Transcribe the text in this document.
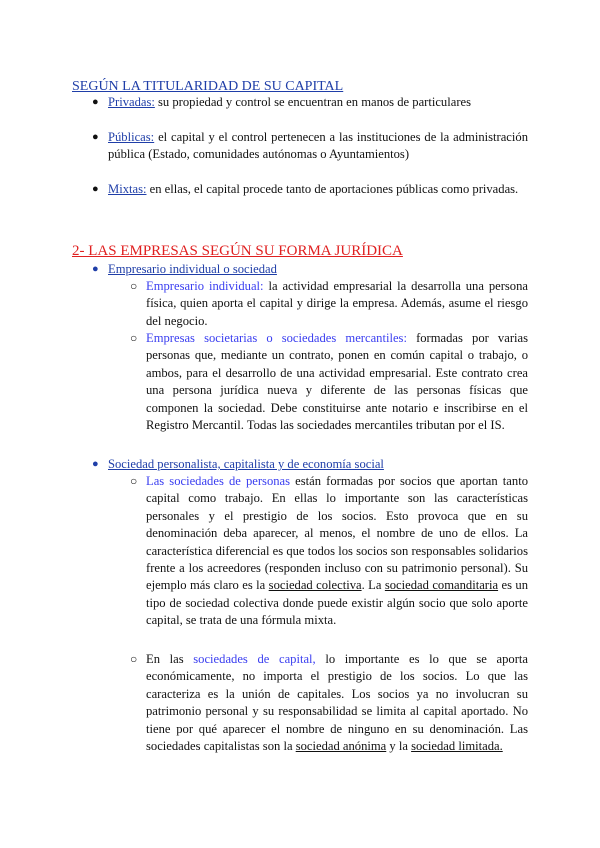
SEGÚN LA TITULARIDAD DE SU CAPITAL
● Privadas: su propiedad y control se encuentran en manos de particulares
● Públicas: el capital y el control pertenecen a las instituciones de la administración pública (Estado, comunidades autónomas o Ayuntamientos)
● Mixtas: en ellas, el capital procede tanto de aportaciones públicas como privadas.
2- LAS EMPRESAS SEGÚN SU FORMA JURÍDICA
● Empresario individual o sociedad
○ Empresario individual: la actividad empresarial la desarrolla una persona física, quien aporta el capital y dirige la empresa. Además, asume el riesgo del negocio.
○ Empresas societarias o sociedades mercantiles: formadas por varias personas que, mediante un contrato, ponen en común capital o trabajo, o ambos, para el desarrollo de una actividad empresarial. Este contrato crea una persona jurídica nueva y diferente de las personas físicas que componen la sociedad. Debe constituirse ante notario e inscribirse en el Registro Mercantil. Todas las sociedades mercantiles tributan por el IS.
● Sociedad personalista, capitalista y de economía social
○ Las sociedades de personas están formadas por socios que aportan tanto capital como trabajo. En ellas lo importante son las características personales y el prestigio de los socios. Esto provoca que en su denominación deba aparecer, al menos, el nombre de uno de ellos. La característica diferencial es que todos los socios son responsables solidarios frente a los acreedores (responden incluso con su patrimonio personal). Su ejemplo más claro es la sociedad colectiva. La sociedad comanditaria es un tipo de sociedad colectiva donde puede existir algún socio que solo aporte capital, se trata de una fórmula mixta.
○ En las sociedades de capital, lo importante es lo que se aporta económicamente, no importa el prestigio de los socios. Lo que las caracteriza es la unión de capitales. Los socios ya no involucran su patrimonio personal y su responsabilidad se limita al capital aportado. No tiene por qué aparecer el nombre de ninguno en su denominación. Las sociedades capitalistas son la sociedad anónima y la sociedad limitada.
